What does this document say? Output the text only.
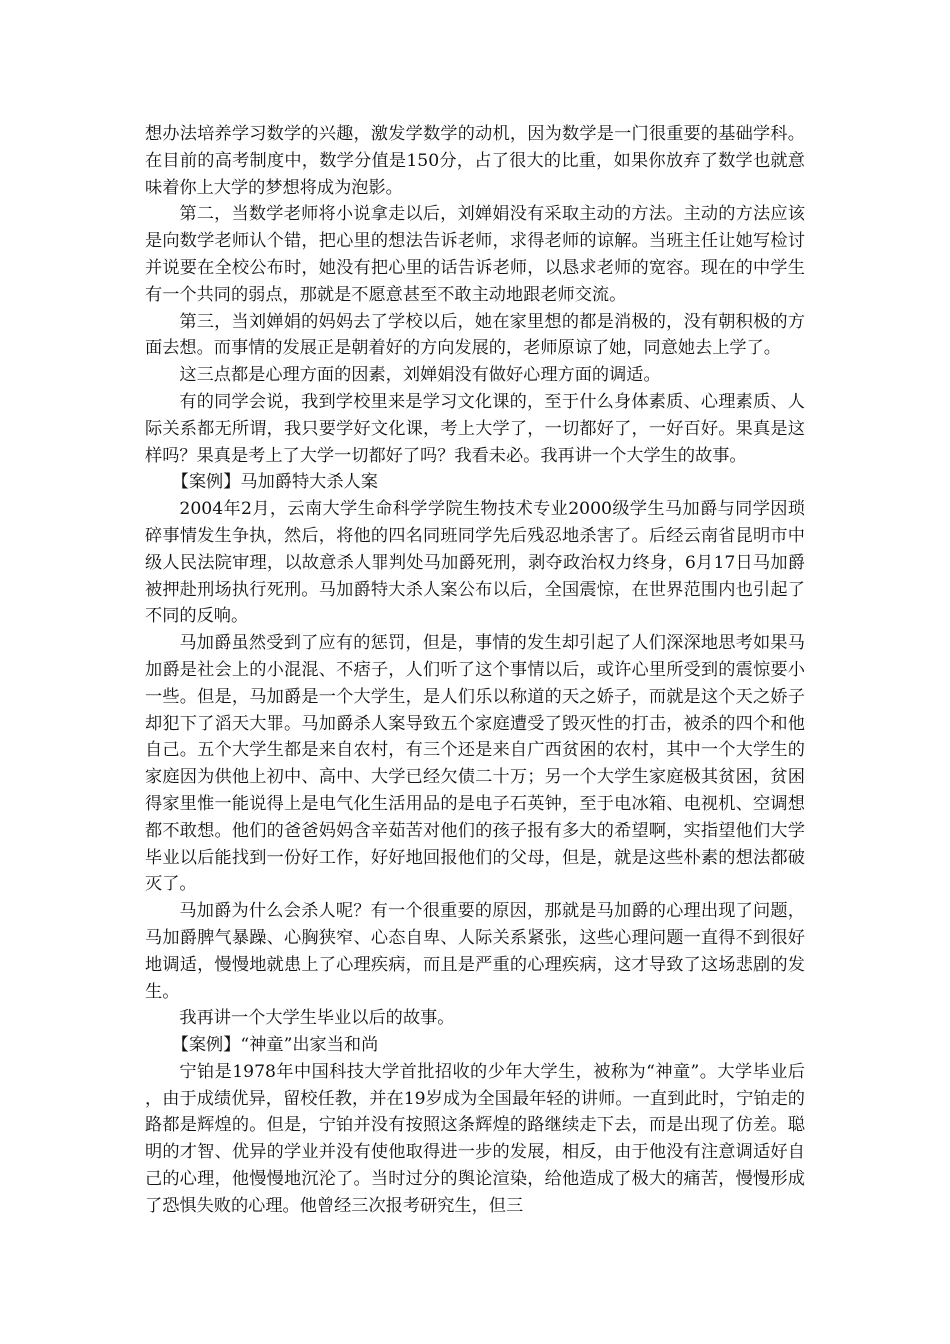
想办法培养学习数学的兴趣，激发学数学的动机，因为数学是一门很重要的基础学科。在目前的高考制度中，数学分值是150分，占了很大的比重，如果你放弃了数学也就意味着你上大学的梦想将成为泡影。

第二，当数学老师将小说拿走以后，刘婵娟没有采取主动的方法。主动的方法应该是向数学老师认个错，把心里的想法告诉老师，求得老师的谅解。当班主任让她写检讨并说要在全校公布时，她没有把心里的话告诉老师，以恳求老师的宽容。现在的中学生有一个共同的弱点，那就是不愿意甚至不敢主动地跟老师交流。

第三，当刘婵娟的妈妈去了学校以后，她在家里想的都是消极的，没有朝积极的方面去想。而事情的发展正是朝着好的方向发展的，老师原谅了她，同意她去上学了。

这三点都是心理方面的因素，刘婵娟没有做好心理方面的调适。

有的同学会说，我到学校里来是学习文化课的，至于什么身体素质、心理素质、人际关系都无所谓，我只要学好文化课，考上大学了，一切都好了，一好百好。果真是这样吗？果真是考上了大学一切都好了吗？我看未必。我再讲一个大学生的故事。

【案例】马加爵特大杀人案

2004年2月，云南大学生命科学学院生物技术专业2000级学生马加爵与同学因琐碎事情发生争执，然后，将他的四名同班同学先后残忍地杀害了。后经云南省昆明市中级人民法院审理，以故意杀人罪判处马加爵死刑，剥夺政治权力终身，6月17日马加爵被押赴刑场执行死刑。马加爵特大杀人案公布以后，全国震惊，在世界范围内也引起了不同的反响。

马加爵虽然受到了应有的惩罚，但是，事情的发生却引起了人们深深地思考如果马加爵是社会上的小混混、不痞子，人们听了这个事情以后，或许心里所受到的震惊要小一些。但是，马加爵是一个大学生，是人们乐以称道的天之娇子，而就是这个天之娇子却犯下了滔天大罪。马加爵杀人案导致五个家庭遭受了毁灭性的打击，被杀的四个和他自己。五个大学生都是来自农村，有三个还是来自广西贫困的农村，其中一个大学生的家庭因为供他上初中、高中、大学已经欠债二十万；另一个大学生家庭极其贫困，贫困得家里惟一能说得上是电气化生活用品的是电子石英钟，至于电冰箱、电视机、空调想都不敢想。他们的爸爸妈妈含辛茹苦对他们的孩子报有多大的希望啊，实指望他们大学毕业以后能找到一份好工作，好好地回报他们的父母，但是，就是这些朴素的想法都破灭了。

马加爵为什么会杀人呢？有一个很重要的原因，那就是马加爵的心理出现了问题，马加爵脾气暴躁、心胸狭窄、心态自卑、人际关系紧张，这些心理问题一直得不到很好地调适，慢慢地就患上了心理疾病，而且是严重的心理疾病，这才导致了这场悲剧的发生。

我再讲一个大学生毕业以后的故事。

【案例】“神童”出家当和尚

宁铂是1978年中国科技大学首批招收的少年大学生，被称为“神童”。大学毕业后，由于成绩优异，留校任教，并在19岁成为全国最年轻的讲师。一直到此时，宁铂走的路都是辉煌的。但是，宁铂并没有按照这条辉煌的路继续走下去，而是出现了仿差。聪明的才智、优异的学业并没有使他取得进一步的发展，相反，由于他没有注意调适好自己的心理，他慢慢地沉沦了。当时过分的舆论渲染，给他造成了极大的痛苦，慢慢形成了恐惧失败的心理。他曾经三次报考研究生，但三
